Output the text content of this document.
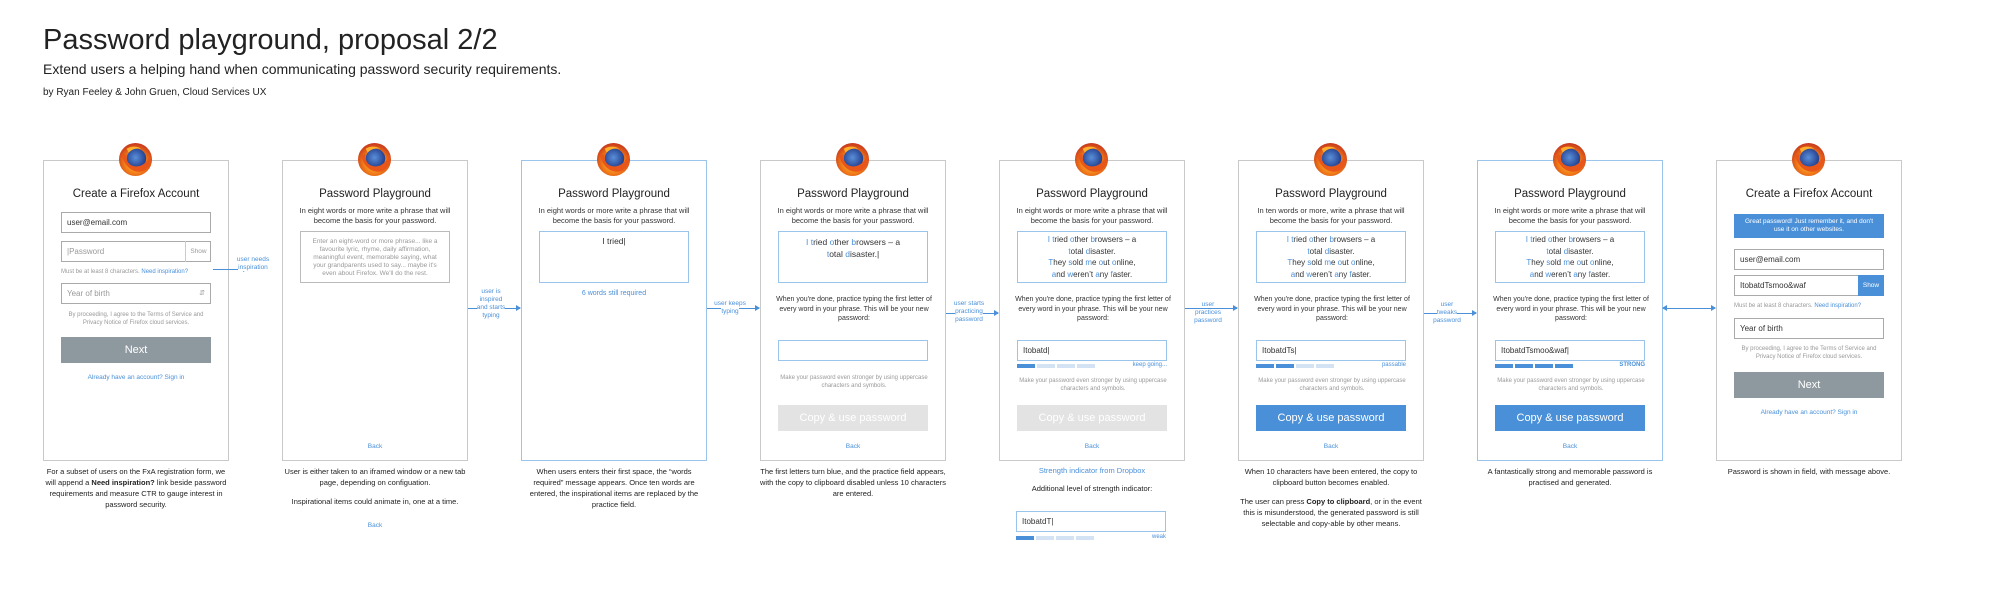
Password playground, proposal 2/2
Extend users a helping hand when communicating password security requirements.
by Ryan Feeley & John Gruen, Cloud Services UX
Create a Firefox Account
user@email.com
|Password	Show
Must be at least 8 characters. Need inspiration?
Year of birth	⇵
By proceeding, I agree to the Terms of Service and Privacy Notice of Firefox cloud services.
Next
Already have an account? Sign in
For a subset of users on the FxA registration form, we will append a Need inspiration? link beside password requirements and measure CTR to gauge interest in password security.
Password Playground
In eight words or more write a phrase that will become the basis for your password.
Enter an eight-word or more phrase... like a favourite lyric, rhyme, daily affirmation, meaningful event, memorable saying, what your grandparents used to say... maybe it's even about Firefox. We'll do the rest.
Back
User is either taken to an iframed window or a new tab page, depending on configuation.
Inspirational items could animate in, one at a time.
Back
Password Playground
In eight words or more write a phrase that will become the basis for your password.
I tried|
6 words still required
When users enters their first space, the “words required” message appears. Once ten words are entered, the inspirational items are replaced by the practice field.
Password Playground
In eight words or more write a phrase that will become the basis for your password.
I tried other browsers – a
total disaster.|
When you're done, practice typing the first letter of every word in your phrase. This will be your new password:
Make your password even stronger by using uppercase characters and symbols.
Copy & use password
Back
The first letters turn blue, and the practice field appears, with the copy to clipboard disabled unless 10 characters are entered.
Password Playground
In eight words or more write a phrase that will become the basis for your password.
I tried other browsers – a
total disaster.
They sold me out online,
and weren’t any faster.
When you're done, practice typing the first letter of every word in your phrase. This will be your new password:
Itobatd|
keep going...
Make your password even stronger by using uppercase characters and symbols.
Copy & use password
Back
Strength indicator from Dropbox
Additional level of strength indicator:
ItobatdT|
weak
Password Playground
In ten words or more, write a phrase that will become the basis for your password.
I tried other browsers – a
total disaster.
They sold me out online,
and weren’t any faster.
When you're done, practice typing the first letter of every word in your phrase. This will be your new password:
ItobatdTs|
passable
Make your password even stronger by using uppercase characters and symbols.
Copy & use password
Back
When 10 characters have been entered, the copy to clipboard button becomes enabled.
The user can press Copy to clipboard, or in the event this is misunderstood, the generated password is still selectable and copy-able by other means.
Password Playground
In eight words or more write a phrase that will become the basis for your password.
I tried other browsers – a
total disaster.
They sold me out online,
and weren’t any faster.
When you're done, practice typing the first letter of every word in your phrase. This will be your new password:
ItobatdTsmoo&waf|
STRONG
Make your password even stronger by using uppercase characters and symbols.
Copy & use password
Back
A fantastically strong and memorable password is practised and generated.
Create a Firefox Account
Great password! Just remember it, and don't use it on other websites.
user@email.com
ItobatdTsmoo&waf	Show
Must be at least 8 characters. Need inspiration?
Year of birth
By proceeding, I agree to the Terms of Service and Privacy Notice of Firefox cloud services.
Next
Already have an account? Sign in
Password is shown in field, with message above.
user needs inspiration
user is inspired and starts typing
user keeps typing
user starts practicing password
user practices password
user tweaks password
